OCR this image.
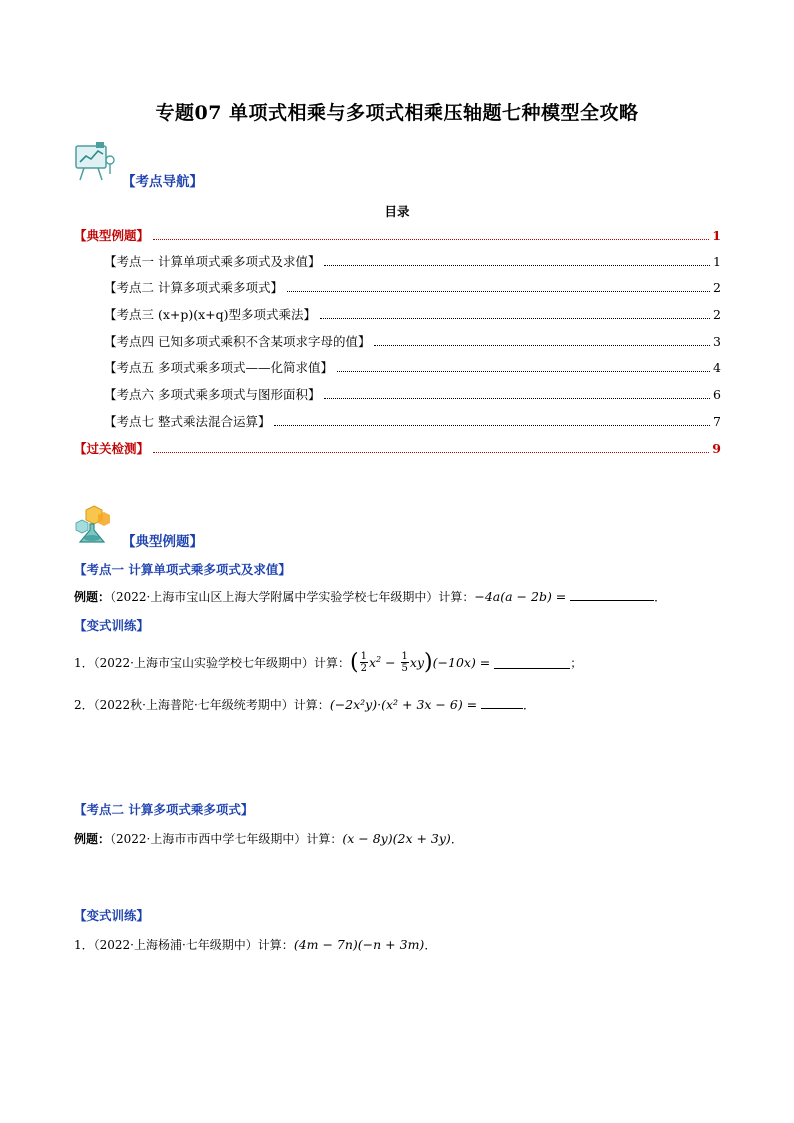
专题07 单项式相乘与多项式相乘压轴题七种模型全攻略
【考点导航】
目录
【典型例题】	1
【考点一 计算单项式乘多项式及求值】	1
【考点二 计算多项式乘多项式】	2
【考点三 (x+p)(x+q)型多项式乘法】	2
【考点四 已知多项式乘积不含某项求字母的值】	3
【考点五 多项式乘多项式——化简求值】	4
【考点六 多项式乘多项式与图形面积】	6
【考点七 整式乘法混合运算】	7
【过关检测】	9
【典型例题】
【考点一 计算单项式乘多项式及求值】
例题：（2022·上海市宝山区上海大学附属中学实验学校七年级期中）计算：−4a(a − 2b) =	．
【变式训练】
1．（2022·上海市宝山实验学校七年级期中）计算： ( $\frac{1}{2} x^2 - \frac{1}{5}$ xy ) (−10x) =	；
2．（2022秋·上海普陀·七年级统考期中）计算：(−2x²y)·(x² + 3x − 6) =	．
【考点二 计算多项式乘多项式】
例题：（2022·上海市市西中学七年级期中）计算：(x − 8y)(2x + 3y)．
【变式训练】
1．（2022·上海杨浦·七年级期中）计算：(4m − 7n)(−n + 3m)．
